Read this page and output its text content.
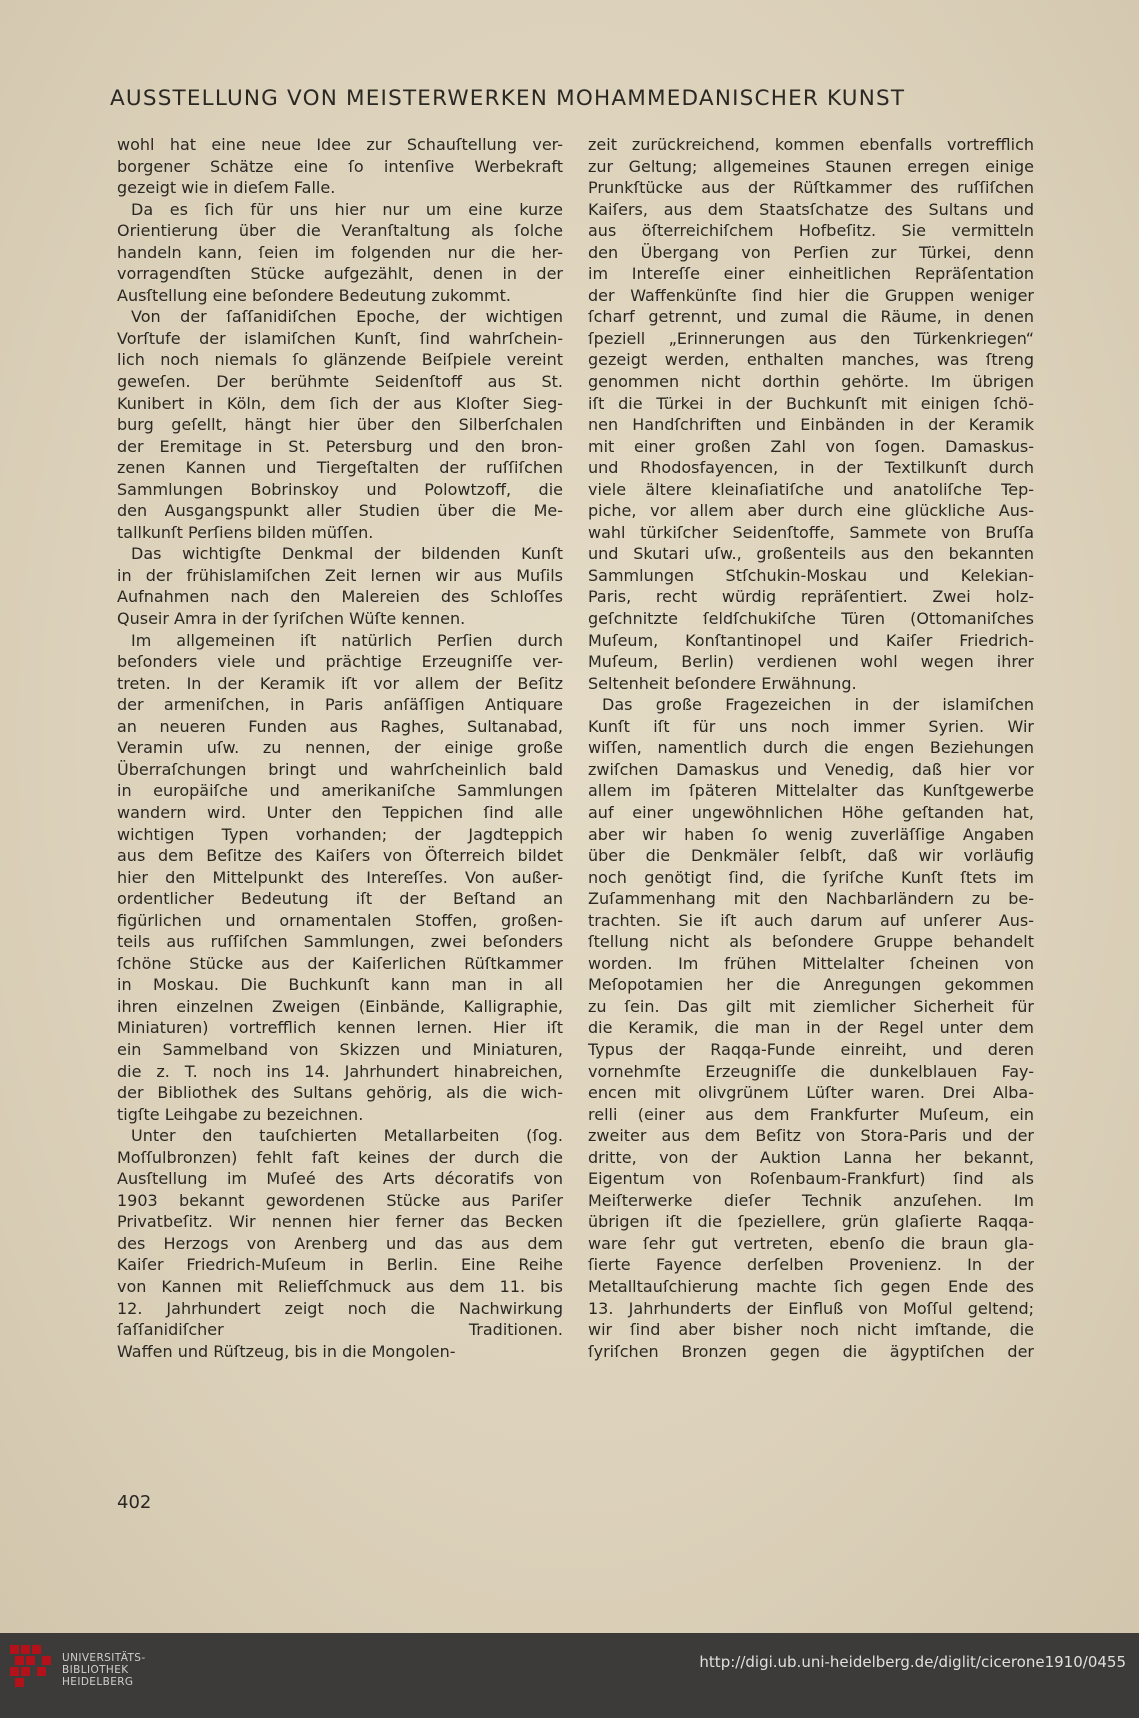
AUSSTELLUNG VON MEISTERWERKEN MOHAMMEDANISCHER KUNST
wohl hat eine neue Idee zur Schauſtellung ver-
borgener Schätze eine ſo intenſive Werbekraft
gezeigt wie in dieſem Falle.
Da es ſich für uns hier nur um eine kurze
Orientierung über die Veranſtaltung als ſolche
handeln kann, ſeien im folgenden nur die her-
vorragendſten Stücke aufgezählt, denen in der
Ausſtellung eine beſondere Bedeutung zukommt.
Von der ſaſſanidiſchen Epoche, der wichtigen
Vorſtufe der islamiſchen Kunſt, ſind wahrſchein-
lich noch niemals ſo glänzende Beiſpiele vereint
geweſen. Der berühmte Seidenſtoff aus St.
Kunibert in Köln, dem ſich der aus Kloſter Sieg-
burg geſellt, hängt hier über den Silberſchalen
der Eremitage in St. Petersburg und den bron-
zenen Kannen und Tiergeſtalten der ruſſiſchen
Sammlungen Bobrinskoy und Polowtzoff, die
den Ausgangspunkt aller Studien über die Me-
tallkunſt Perſiens bilden müſſen.
Das wichtigſte Denkmal der bildenden Kunſt
in der frühislamiſchen Zeit lernen wir aus Muſils
Aufnahmen nach den Malereien des Schloſſes
Quseir Amra in der ſyriſchen Wüſte kennen.
Im allgemeinen iſt natürlich Perſien durch
beſonders viele und prächtige Erzeugniſſe ver-
treten. In der Keramik iſt vor allem der Beſitz
der armeniſchen, in Paris anſäſſigen Antiquare
an neueren Funden aus Raghes, Sultanabad,
Veramin uſw. zu nennen, der einige große
Überraſchungen bringt und wahrſcheinlich bald
in europäiſche und amerikaniſche Sammlungen
wandern wird. Unter den Teppichen ſind alle
wichtigen Typen vorhanden; der Jagdteppich
aus dem Beſitze des Kaiſers von Öſterreich bildet
hier den Mittelpunkt des Intereſſes. Von außer-
ordentlicher Bedeutung iſt der Beſtand an
figürlichen und ornamentalen Stoffen, großen-
teils aus ruſſiſchen Sammlungen, zwei beſonders
ſchöne Stücke aus der Kaiſerlichen Rüſtkammer
in Moskau. Die Buchkunſt kann man in all
ihren einzelnen Zweigen (Einbände, Kalligraphie,
Miniaturen) vortrefflich kennen lernen. Hier iſt
ein Sammelband von Skizzen und Miniaturen,
die z. T. noch ins 14. Jahrhundert hinabreichen,
der Bibliothek des Sultans gehörig, als die wich-
tigſte Leihgabe zu bezeichnen.
Unter den tauſchierten Metallarbeiten (ſog.
Moſſulbronzen) fehlt faſt keines der durch die
Ausſtellung im Muſeé des Arts décoratifs von
1903 bekannt gewordenen Stücke aus Pariſer
Privatbeſitz. Wir nennen hier ferner das Becken
des Herzogs von Arenberg und das aus dem
Kaiſer Friedrich-Muſeum in Berlin. Eine Reihe
von Kannen mit Reliefſchmuck aus dem 11. bis
12. Jahrhundert zeigt noch die Nachwirkung
ſaſſanidiſcher Traditionen.
Waffen und Rüſtzeug, bis in die Mongolen-
zeit zurückreichend, kommen ebenfalls vortrefflich
zur Geltung; allgemeines Staunen erregen einige
Prunkſtücke aus der Rüſtkammer des ruſſiſchen
Kaiſers, aus dem Staatsſchatze des Sultans und
aus öſterreichiſchem Hofbeſitz. Sie vermitteln
den Übergang von Perſien zur Türkei, denn
im Intereſſe einer einheitlichen Repräſentation
der Waffenkünſte ſind hier die Gruppen weniger
ſcharf getrennt, und zumal die Räume, in denen
ſpeziell „Erinnerungen aus den Türkenkriegen“
gezeigt werden, enthalten manches, was ſtreng
genommen nicht dorthin gehörte. Im übrigen
iſt die Türkei in der Buchkunſt mit einigen ſchö-
nen Handſchriften und Einbänden in der Keramik
mit einer großen Zahl von ſogen. Damaskus-
und Rhodosfayencen, in der Textilkunſt durch
viele ältere kleinaſiatiſche und anatoliſche Tep-
piche, vor allem aber durch eine glückliche Aus-
wahl türkiſcher Seidenſtoffe, Sammete von Bruſſa
und Skutari uſw., großenteils aus den bekannten
Sammlungen Stſchukin-Moskau und Kelekian-
Paris, recht würdig repräſentiert. Zwei holz-
geſchnitzte ſeldſchukiſche Türen (Ottomaniſches
Muſeum, Konſtantinopel und Kaiſer Friedrich-
Muſeum, Berlin) verdienen wohl wegen ihrer
Seltenheit beſondere Erwähnung.
Das große Fragezeichen in der islamiſchen
Kunſt iſt für uns noch immer Syrien. Wir
wiſſen, namentlich durch die engen Beziehungen
zwiſchen Damaskus und Venedig, daß hier vor
allem im ſpäteren Mittelalter das Kunſtgewerbe
auf einer ungewöhnlichen Höhe geſtanden hat,
aber wir haben ſo wenig zuverläſſige Angaben
über die Denkmäler ſelbſt, daß wir vorläufig
noch genötigt ſind, die ſyriſche Kunſt ſtets im
Zuſammenhang mit den Nachbarländern zu be-
trachten. Sie iſt auch darum auf unſerer Aus-
ſtellung nicht als beſondere Gruppe behandelt
worden. Im frühen Mittelalter ſcheinen von
Meſopotamien her die Anregungen gekommen
zu ſein. Das gilt mit ziemlicher Sicherheit für
die Keramik, die man in der Regel unter dem
Typus der Raqqa-Funde einreiht, und deren
vornehmſte Erzeugniſſe die dunkelblauen Fay-
encen mit olivgrünem Lüſter waren. Drei Alba-
relli (einer aus dem Frankfurter Muſeum, ein
zweiter aus dem Beſitz von Stora-Paris und der
dritte, von der Auktion Lanna her bekannt,
Eigentum von Roſenbaum-Frankfurt) ſind als
Meiſterwerke dieſer Technik anzuſehen. Im
übrigen iſt die ſpeziellere, grün glaſierte Raqqa-
ware ſehr gut vertreten, ebenſo die braun gla-
ſierte Fayence derſelben Provenienz. In der
Metalltauſchierung machte ſich gegen Ende des
13. Jahrhunderts der Einfluß von Moſſul geltend;
wir ſind aber bisher noch nicht imſtande, die
ſyriſchen Bronzen gegen die ägyptiſchen der
402
UNIVERSITÄTS-
BIBLIOTHEK
HEIDELBERG
http://digi.ub.uni-heidelberg.de/diglit/cicerone1910/0455
